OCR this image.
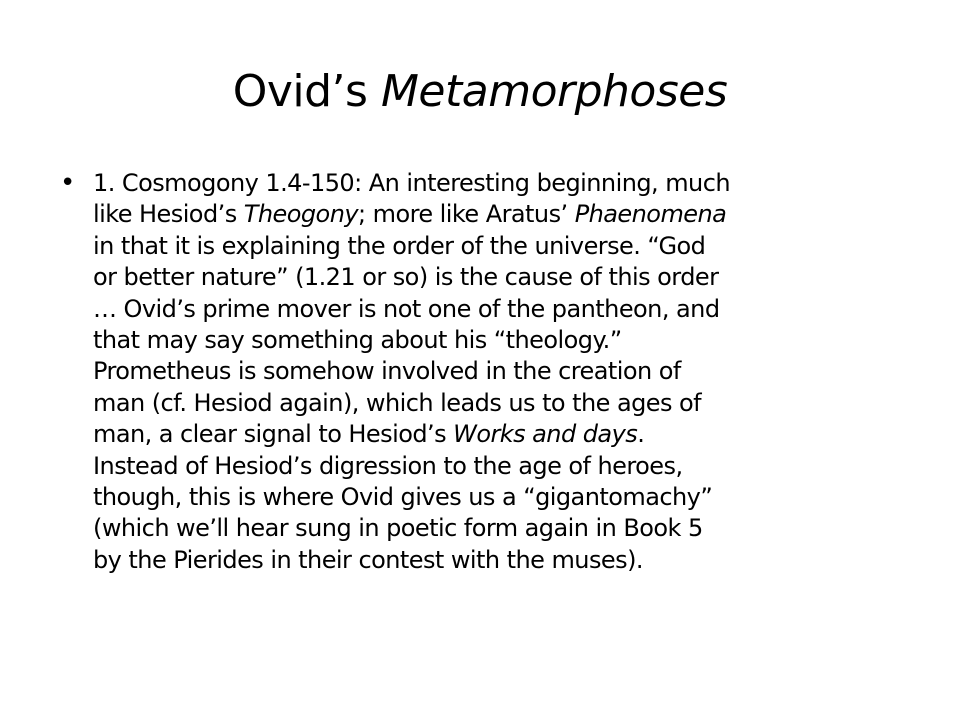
Ovid’s Metamorphoses
• 1. Cosmogony 1.4-150: An interesting beginning, much
like Hesiod’s Theogony; more like Aratus’ Phaenomena
in that it is explaining the order of the universe. “God
or better nature” (1.21 or so) is the cause of this order
… Ovid’s prime mover is not one of the pantheon, and
that may say something about his “theology.”
Prometheus is somehow involved in the creation of
man (cf. Hesiod again), which leads us to the ages of
man, a clear signal to Hesiod’s Works and days.
Instead of Hesiod’s digression to the age of heroes,
though, this is where Ovid gives us a “gigantomachy”
(which we’ll hear sung in poetic form again in Book 5
by the Pierides in their contest with the muses).
